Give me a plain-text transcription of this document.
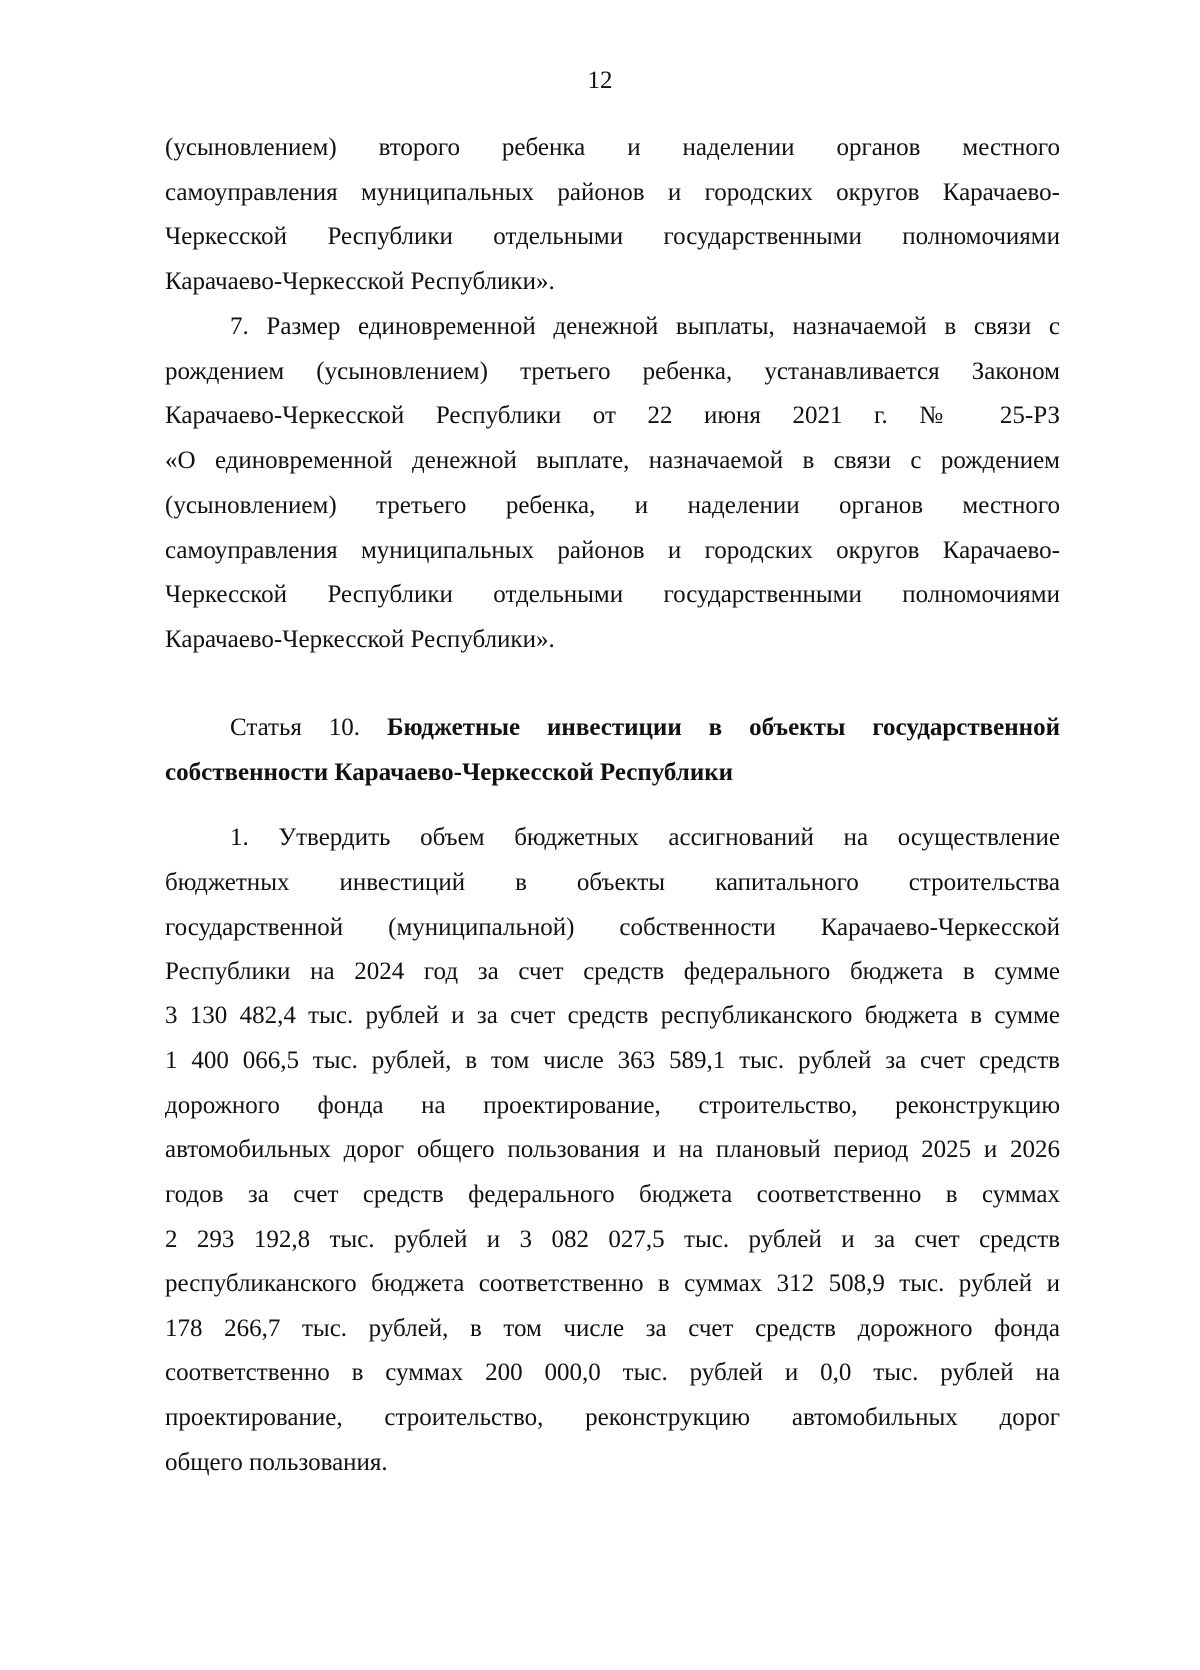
12
(усыновлением) второго ребенка и наделении органов местного
самоуправления муниципальных районов и городских округов Карачаево-
Черкесской Республики отдельными государственными полномочиями
Карачаево-Черкесской Республики».
7. Размер единовременной денежной выплаты, назначаемой в связи с
рождением (усыновлением) третьего ребенка, устанавливается Законом
Карачаево-Черкесской Республики от 22 июня 2021 г. № 25-РЗ
«О единовременной денежной выплате, назначаемой в связи с рождением
(усыновлением) третьего ребенка, и наделении органов местного
самоуправления муниципальных районов и городских округов Карачаево-
Черкесской Республики отдельными государственными полномочиями
Карачаево-Черкесской Республики».
Статья 10. Бюджетные инвестиции в объекты государственной
собственности Карачаево-Черкесской Республики
1. Утвердить объем бюджетных ассигнований на осуществление
бюджетных инвестиций в объекты капитального строительства
государственной (муниципальной) собственности Карачаево-Черкесской
Республики на 2024 год за счет средств федерального бюджета в сумме
3 130 482,4 тыс. рублей и за счет средств республиканского бюджета в сумме
1 400 066,5 тыс. рублей, в том числе 363 589,1 тыс. рублей за счет средств
дорожного фонда на проектирование, строительство, реконструкцию
автомобильных дорог общего пользования и на плановый период 2025 и 2026
годов за счет средств федерального бюджета соответственно в суммах
2 293 192,8 тыс. рублей и 3 082 027,5 тыс. рублей и за счет средств
республиканского бюджета соответственно в суммах 312 508,9 тыс. рублей и
178 266,7 тыс. рублей, в том числе за счет средств дорожного фонда
соответственно в суммах 200 000,0 тыс. рублей и 0,0 тыс. рублей на
проектирование, строительство, реконструкцию автомобильных дорог
общего пользования.
